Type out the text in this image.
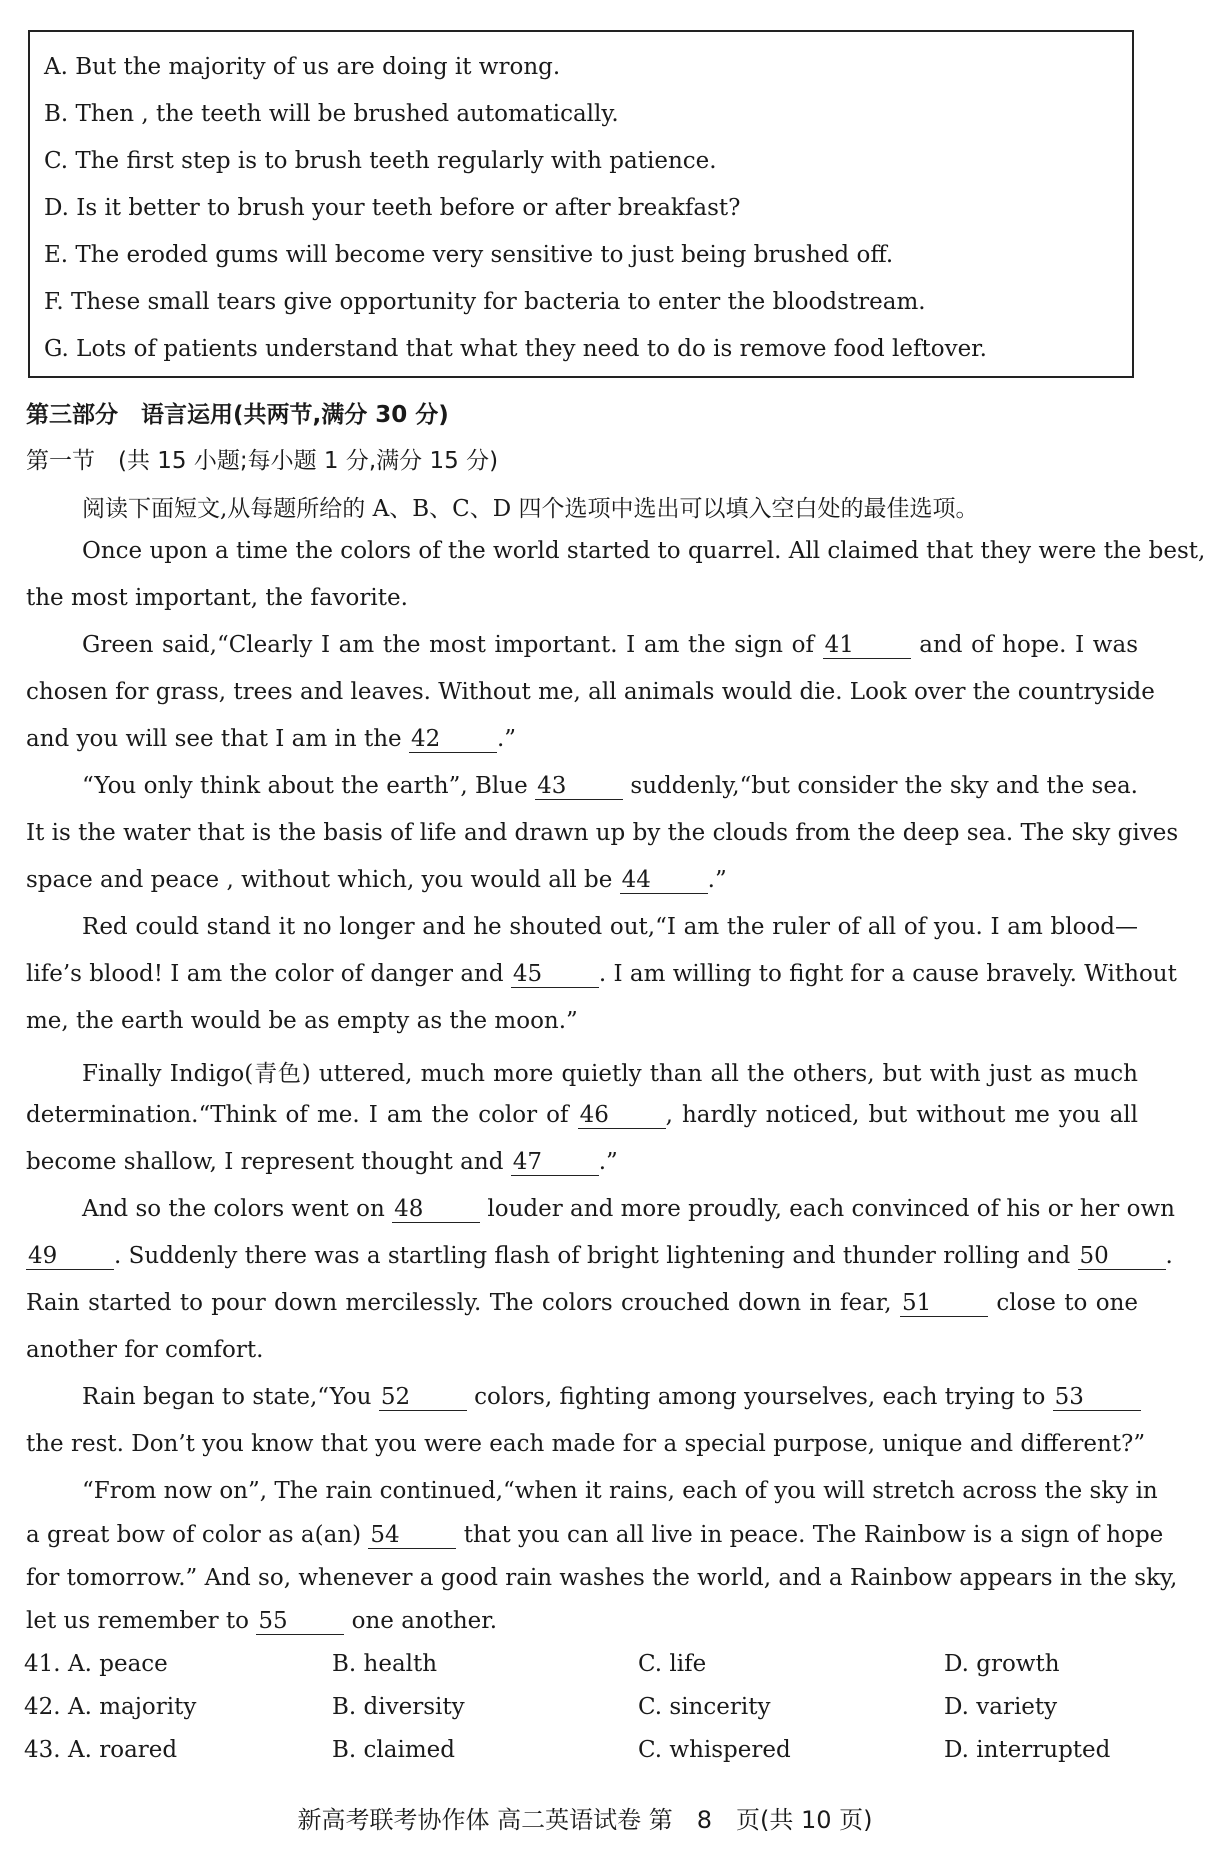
A. But the majority of us are doing it wrong.
B. Then , the teeth will be brushed automatically.
C. The first step is to brush teeth regularly with patience.
D. Is it better to brush your teeth before or after breakfast?
E. The eroded gums will become very sensitive to just being brushed off.
F. These small tears give opportunity for bacteria to enter the bloodstream.
G. Lots of patients understand that what they need to do is remove food leftover.
第三部分　语言运用(共两节,满分 30 分)
第一节　(共 15 小题;每小题 1 分,满分 15 分)
阅读下面短文,从每题所给的 A、B、C、D 四个选项中选出可以填入空白处的最佳选项。
Once upon a time the colors of the world started to quarrel. All claimed that they were the best,
the most important, the favorite.
Green said,“Clearly I am the most important. I am the sign of 41	and of hope. I was
chosen for grass, trees and leaves. Without me, all animals would die. Look over the countryside
and you will see that I am in the 42 .”
“You only think about the earth”, Blue 43	suddenly,“but consider the sky and the sea.
It is the water that is the basis of life and drawn up by the clouds from the deep sea. The sky gives
space and peace , without which, you would all be 44 .”
Red could stand it no longer and he shouted out,“I am the ruler of all of you. I am blood—
life’s blood! I am the color of danger and 45 . I am willing to fight for a cause bravely. Without
me, the earth would be as empty as the moon.”
Finally Indigo(青色) uttered, much more quietly than all the others, but with just as much
determination.“Think of me. I am the color of 46 , hardly noticed, but without me you all
become shallow, I represent thought and 47 .”
And so the colors went on 48	louder and more proudly, each convinced of his or her own
49 . Suddenly there was a startling flash of bright lightening and thunder rolling and 50 .
Rain started to pour down mercilessly. The colors crouched down in fear, 51	close to one
another for comfort.
Rain began to state,“You 52	colors, fighting among yourselves, each trying to 53
the rest. Don’t you know that you were each made for a special purpose, unique and different?”
“From now on”, The rain continued,“when it rains, each of you will stretch across the sky in
a great bow of color as a(an) 54	that you can all live in peace. The Rainbow is a sign of hope
for tomorrow.” And so, whenever a good rain washes the world, and a Rainbow appears in the sky,
let us remember to 55	one another.
41. A. peace	B. health	C. life	D. growth
42. A. majority	B. diversity	C. sincerity	D. variety
43. A. roared	B. claimed	C. whispered	D. interrupted
新高考联考协作体 高二英语试卷 第　8　页(共 10 页)
